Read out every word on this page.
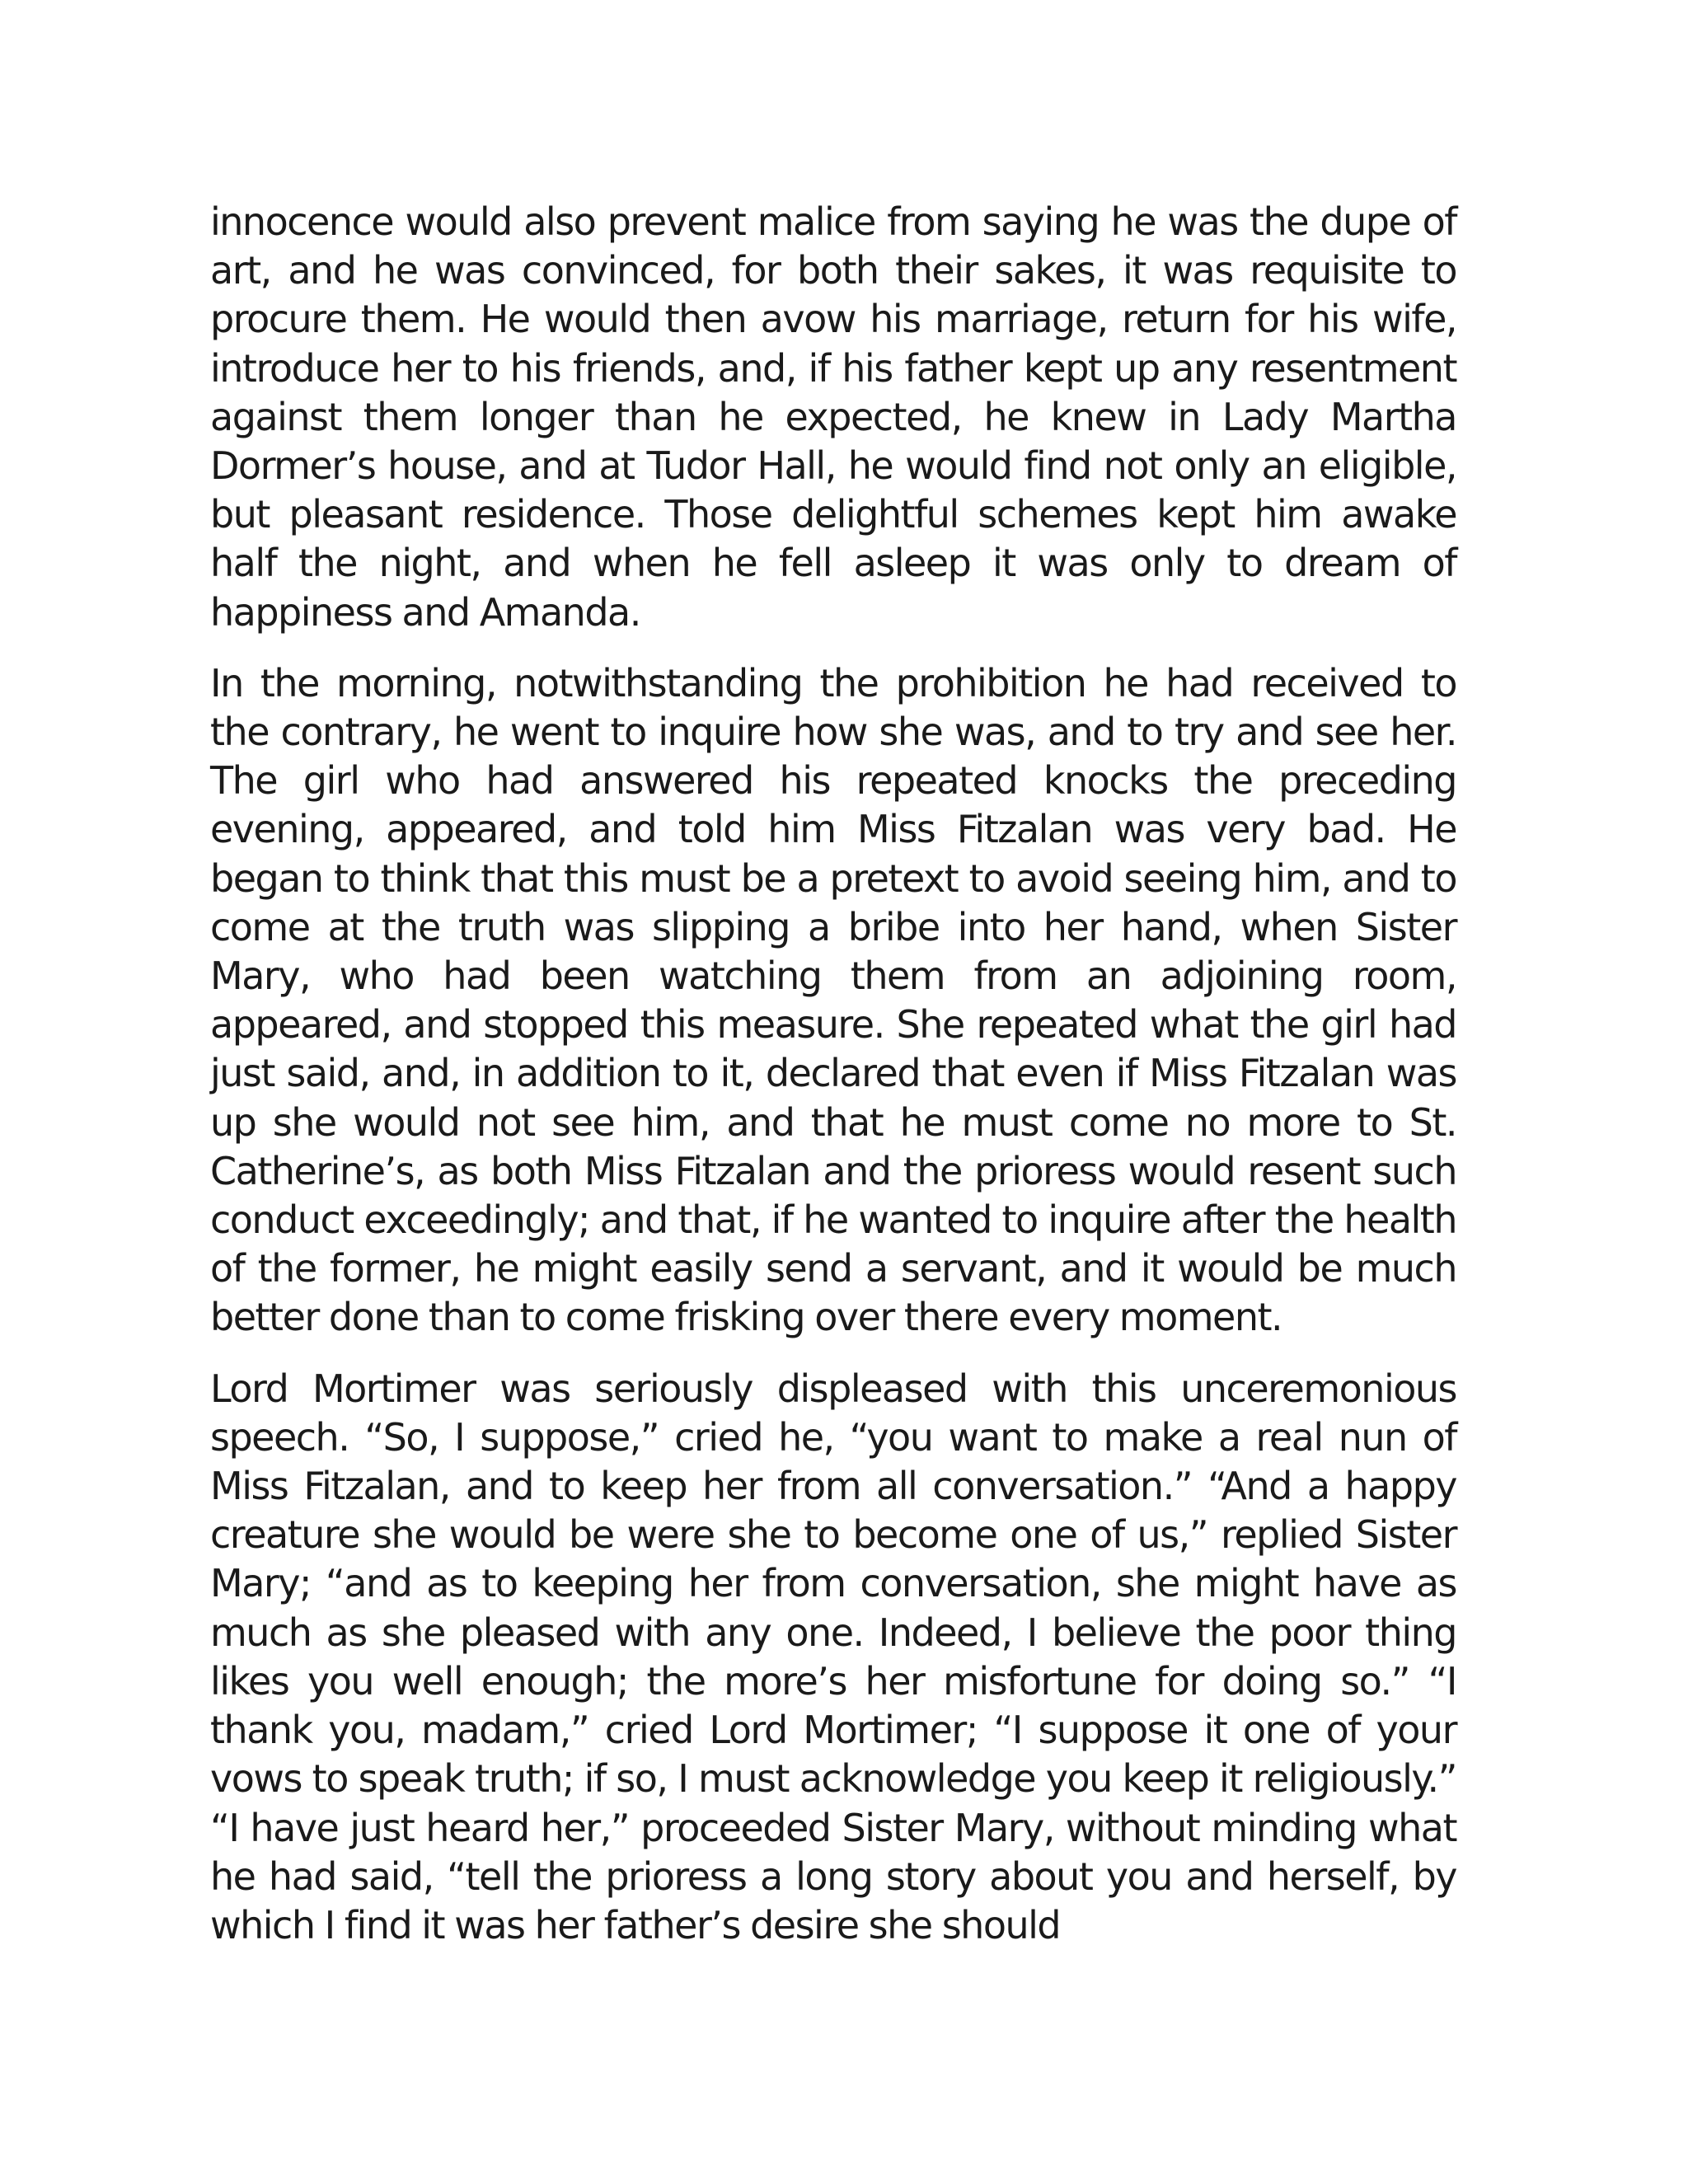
innocence would also prevent malice from saying he was the dupe of art, and he was convinced, for both their sakes, it was requisite to procure them. He would then avow his marriage, return for his wife, introduce her to his friends, and, if his father kept up any resentment against them longer than he expected, he knew in Lady Martha Dormer’s house, and at Tudor Hall, he would find not only an eligible, but pleasant residence. Those delightful schemes kept him awake half the night, and when he fell asleep it was only to dream of happiness and Amanda.

In the morning, notwithstanding the prohibition he had received to the contrary, he went to inquire how she was, and to try and see her. The girl who had answered his repeated knocks the preceding evening, appeared, and told him Miss Fitzalan was very bad. He began to think that this must be a pretext to avoid seeing him, and to come at the truth was slipping a bribe into her hand, when Sister Mary, who had been watching them from an adjoining room, appeared, and stopped this measure. She repeated what the girl had just said, and, in addition to it, declared that even if Miss Fitzalan was up she would not see him, and that he must come no more to St. Catherine’s, as both Miss Fitzalan and the prioress would resent such conduct exceedingly; and that, if he wanted to inquire after the health of the former, he might easily send a servant, and it would be much better done than to come frisking over there every moment.

Lord Mortimer was seriously displeased with this unceremonious speech. “So, I suppose,” cried he, “you want to make a real nun of Miss Fitzalan, and to keep her from all conversation.” “And a happy creature she would be were she to become one of us,” replied Sister Mary; “and as to keeping her from conversation, she might have as much as she pleased with any one. Indeed, I believe the poor thing likes you well enough; the more’s her misfortune for doing so.” “I thank you, madam,” cried Lord Mortimer; “I suppose it one of your vows to speak truth; if so, I must acknowledge you keep it religiously.” “I have just heard her,” proceeded Sister Mary, without minding what he had said, “tell the prioress a long story about you and herself, by which I find it was her father’s desire she should
